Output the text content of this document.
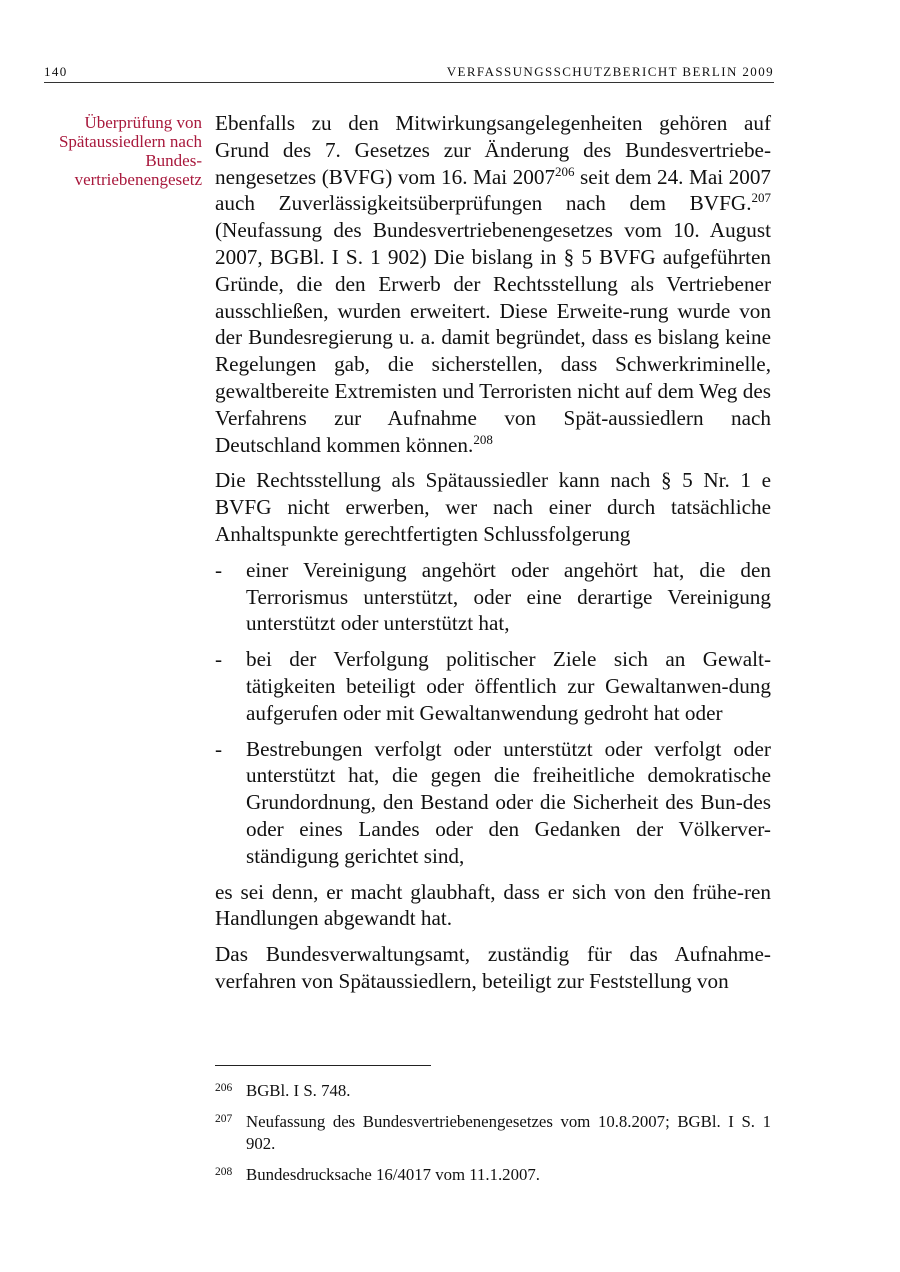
140	VERFASSUNGSSCHUTZBERICHT BERLIN 2009
Überprüfung von Spätaussiedlern nach Bundes-vertriebenengesetz

Ebenfalls zu den Mitwirkungsangelegenheiten gehören auf Grund des 7. Gesetzes zur Änderung des Bundesvertriebe-nengesetzes (BVFG) vom 16. Mai 2007$^{206}$ seit dem 24. Mai 2007 auch Zuverlässigkeitsüberprüfungen nach dem BVFG.$^{207}$ (Neufassung des Bundesvertriebenengesetzes vom 10. August 2007, BGBl. I S. 1 902) Die bislang in § 5 BVFG aufgeführten Gründe, die den Erwerb der Rechtsstellung als Vertriebener ausschließen, wurden erweitert. Diese Erweite-rung wurde von der Bundesregierung u. a. damit begründet, dass es bislang keine Regelungen gab, die sicherstellen, dass Schwerkriminelle, gewaltbereite Extremisten und Terroristen nicht auf dem Weg des Verfahrens zur Aufnahme von Spät-aussiedlern nach Deutschland kommen können.$^{208}$

Die Rechtsstellung als Spätaussiedler kann nach § 5 Nr. 1 e BVFG nicht erwerben, wer nach einer durch tatsächliche Anhaltspunkte gerechtfertigten Schlussfolgerung

-	einer Vereinigung angehört oder angehört hat, die den Terrorismus unterstützt, oder eine derartige Vereinigung unterstützt oder unterstützt hat,
-	bei der Verfolgung politischer Ziele sich an Gewalt-tätigkeiten beteiligt oder öffentlich zur Gewaltanwen-dung aufgerufen oder mit Gewaltanwendung gedroht hat oder
-	Bestrebungen verfolgt oder unterstützt oder verfolgt oder unterstützt hat, die gegen die freiheitliche demokratische Grundordnung, den Bestand oder die Sicherheit des Bun-des oder eines Landes oder den Gedanken der Völkerver-ständigung gerichtet sind,

es sei denn, er macht glaubhaft, dass er sich von den frühe-ren Handlungen abgewandt hat.

Das Bundesverwaltungsamt, zuständig für das Aufnahme-verfahren von Spätaussiedlern, beteiligt zur Feststellung von

206 BGBl. I S. 748.
207 Neufassung des Bundesvertriebenengesetzes vom 10.8.2007; BGBl. I S. 1 902.
208 Bundesdrucksache 16/4017 vom 11.1.2007.
